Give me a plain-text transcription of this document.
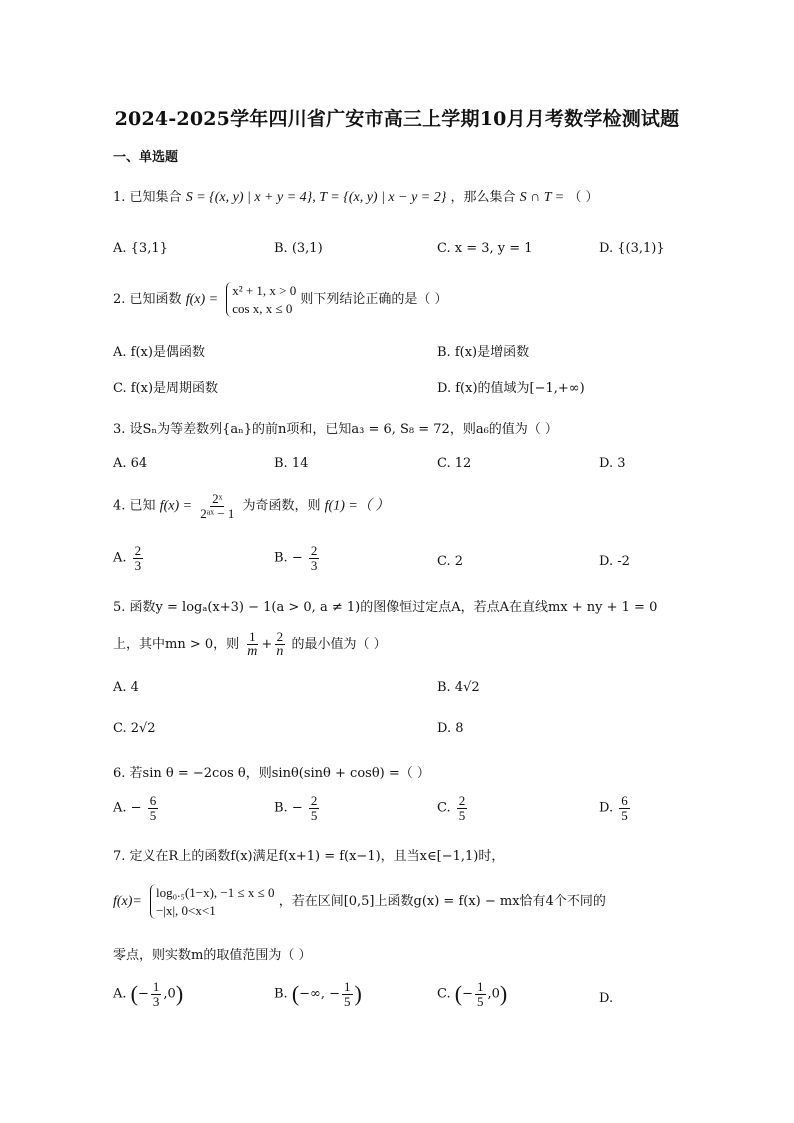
2024-2025学年四川省广安市高三上学期10月月考数学检测试题
一、单选题
1. 已知集合 S = {(x, y) | x + y = 4}, T = {(x, y) | x − y = 2} ，那么集合 S ∩ T = （ ）
A. {3,1}	B. (3,1)	C. x = 3, y = 1	D. {(3,1)}
2. 已知函数 f(x) =
x² + 1, x > 0
cos x, x ≤ 0
则下列结论正确的是（ ）
A. f(x)是偶函数	B. f(x)是增函数
C. f(x)是周期函数	D. f(x)的值域为[−1,+∞)
3. 设Sₙ为等差数列{aₙ}的前n项和，已知a₃ = 6, S₈ = 72，则a₆的值为（ ）
A. 64	B. 14	C. 12	D. 3
4. 已知 $f(x) = \frac{\text{2ˣ}}{\text{2ᵃˣ − 1}}$ 为奇函数，则 f(1) =（ ）
A. $\frac{2}{3}$	B. − $\frac{2}{3}$	C. 2	D. -2
5. 函数y = logₐ(x+3) − 1(a > 0, a ≠ 1)的图像恒过定点A，若点A在直线mx + ny + 1 = 0
上，其中mn > 0，则 $\frac{1}{m} + \frac{2}{n}$ 的最小值为（ ）
A. 4	B. 4√2
C. 2√2	D. 8
6. 若sin θ = −2cos θ，则sinθ(sinθ + cosθ) =（ ）
A. − $\frac{6}{5}$	B. − $\frac{2}{5}$	C. $\frac{2}{5}$	D. $\frac{6}{5}$
7. 定义在R上的函数f(x)满足f(x+1) = f(x−1)，且当x∈[−1,1)时，
f(x)=
log₀.₅(1−x), −1 ≤ x ≤ 0
−|x|, 0<x<1
，若在区间[0,5]上函数g(x) = f(x) − mx恰有4个不同的
零点，则实数m的取值范围为（ ）
A. (− $\frac{1}{3} ,0$)	B. (−∞, − $\frac{1}{5}$ )	C. (− $\frac{1}{5} ,0$)	D.
